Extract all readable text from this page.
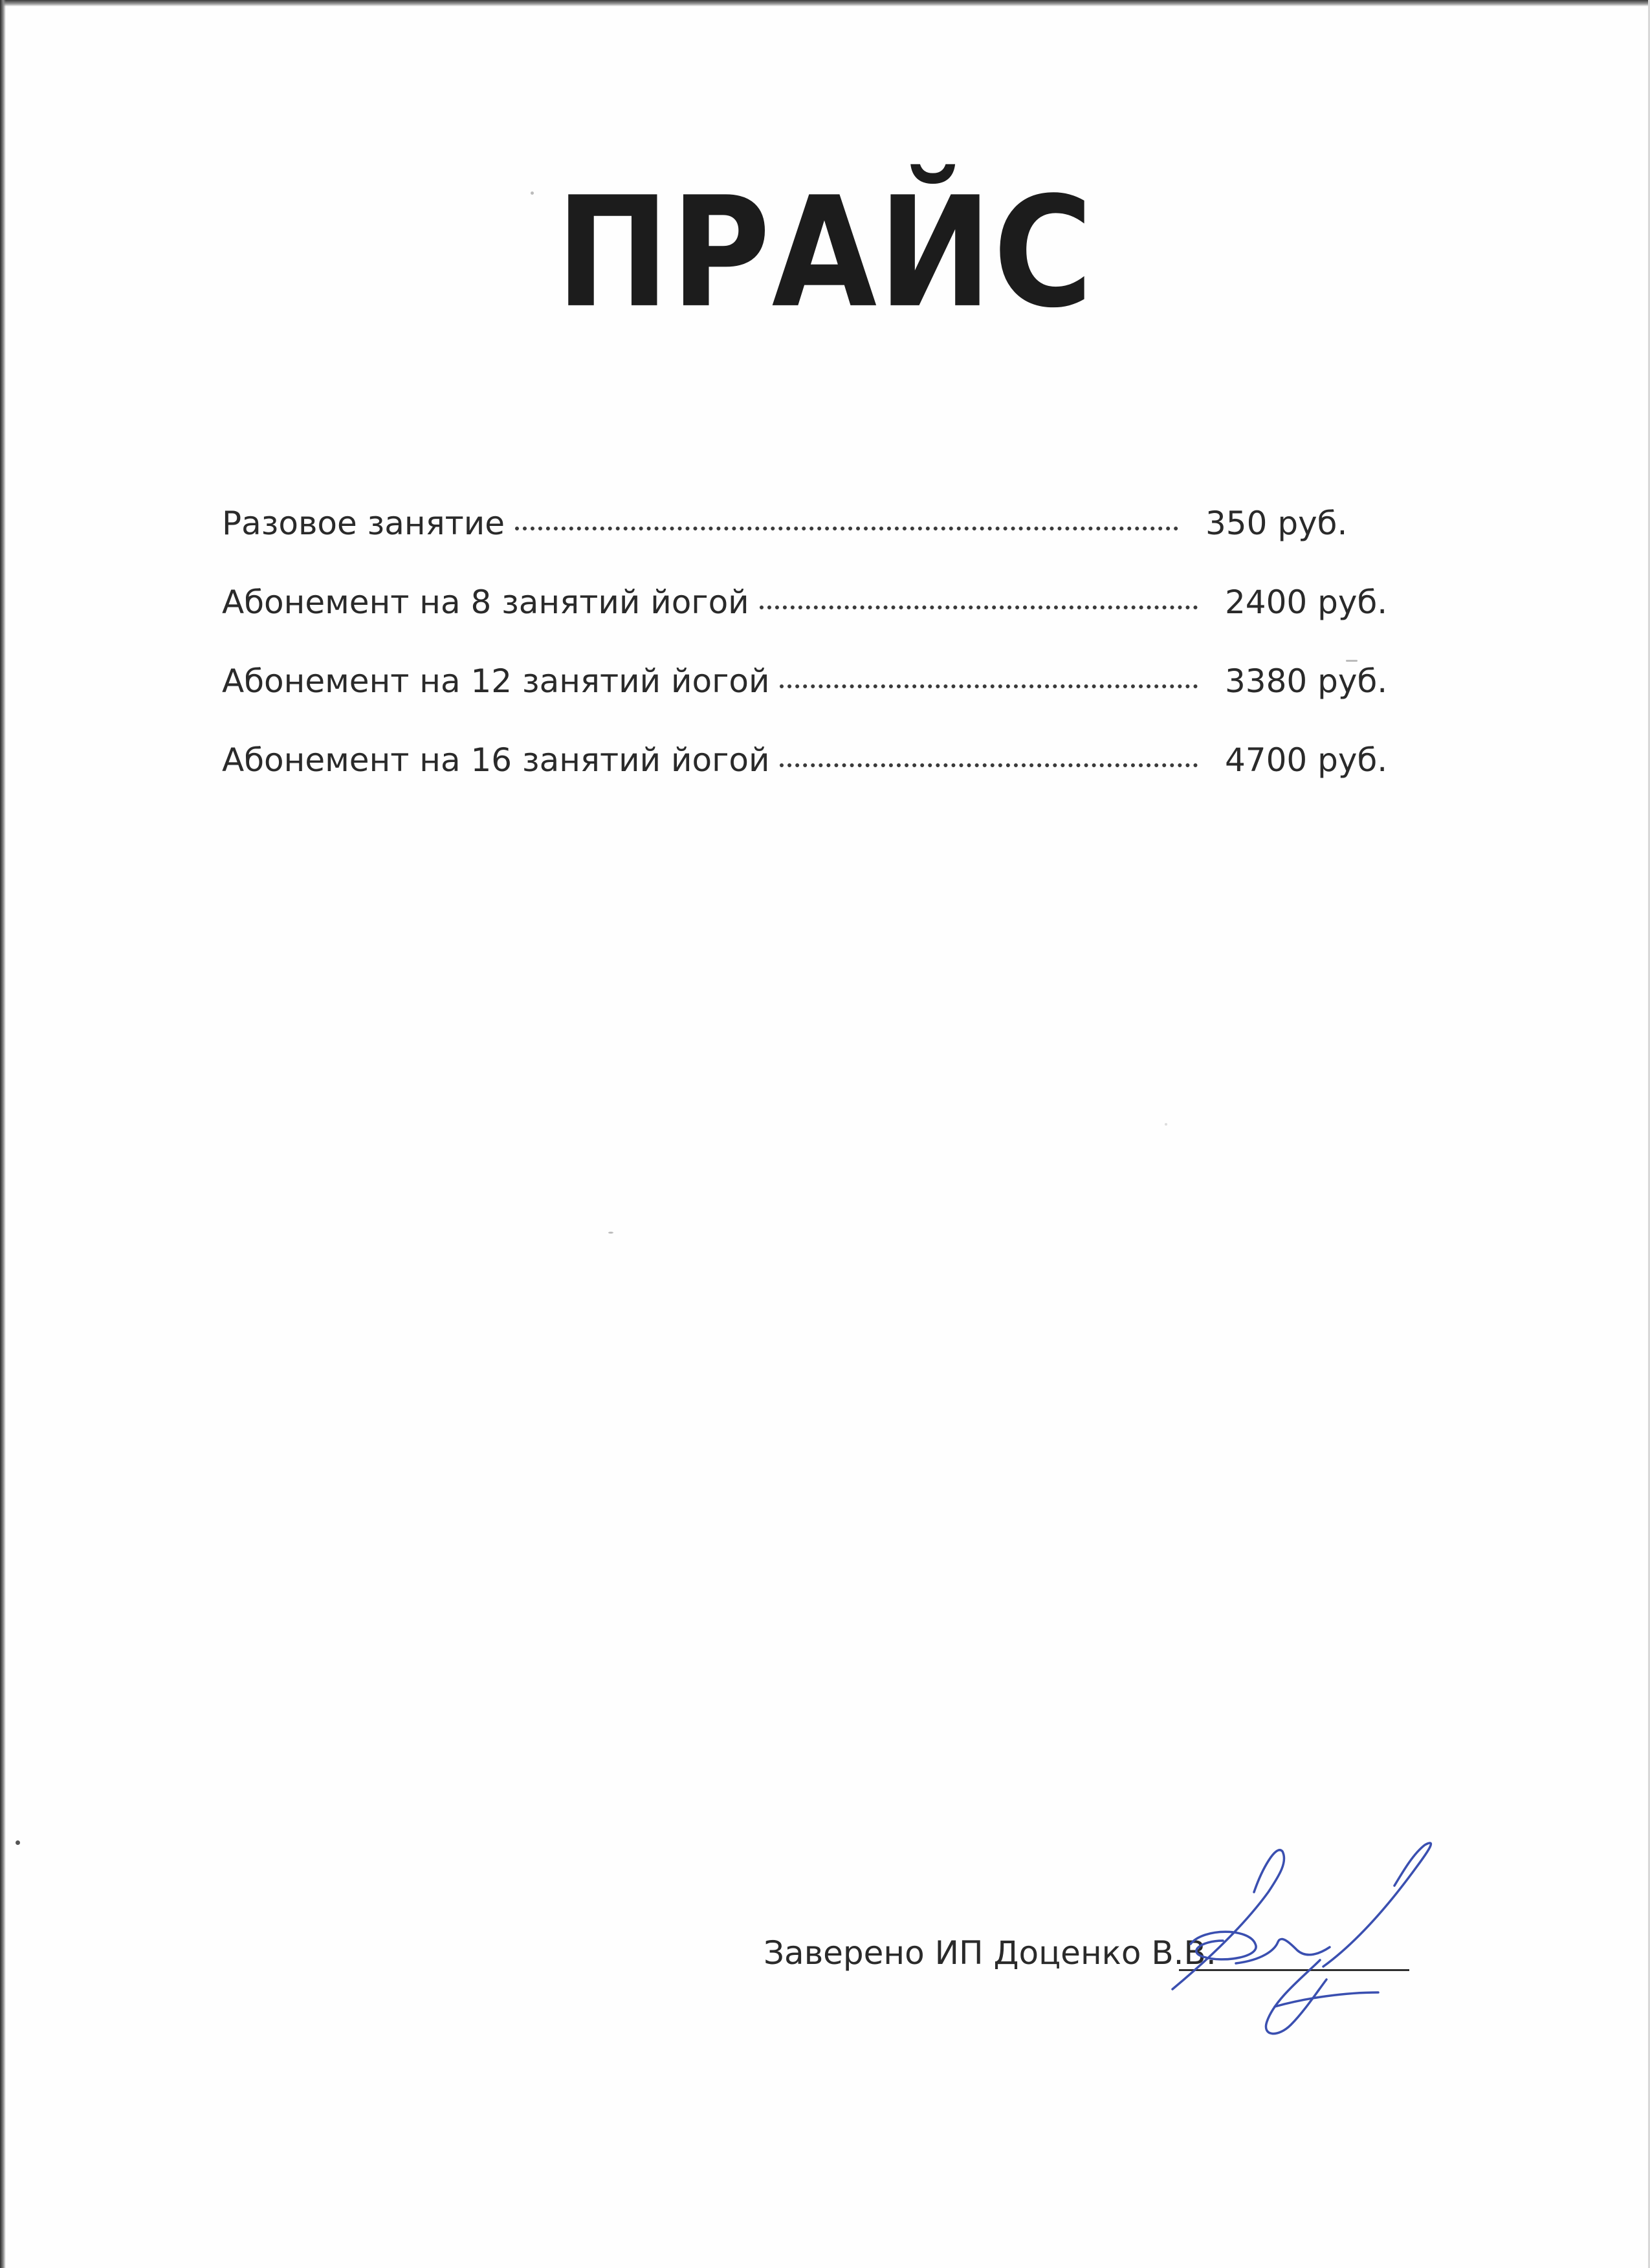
ПРАЙС
Разовое занятие	350 руб.
Абонемент на 8 занятий йогой	2400 руб.
Абонемент на 12 занятий йогой	3380 руб.
Абонемент на 16 занятий йогой	4700 руб.
Заверено ИП Доценко В.В.
